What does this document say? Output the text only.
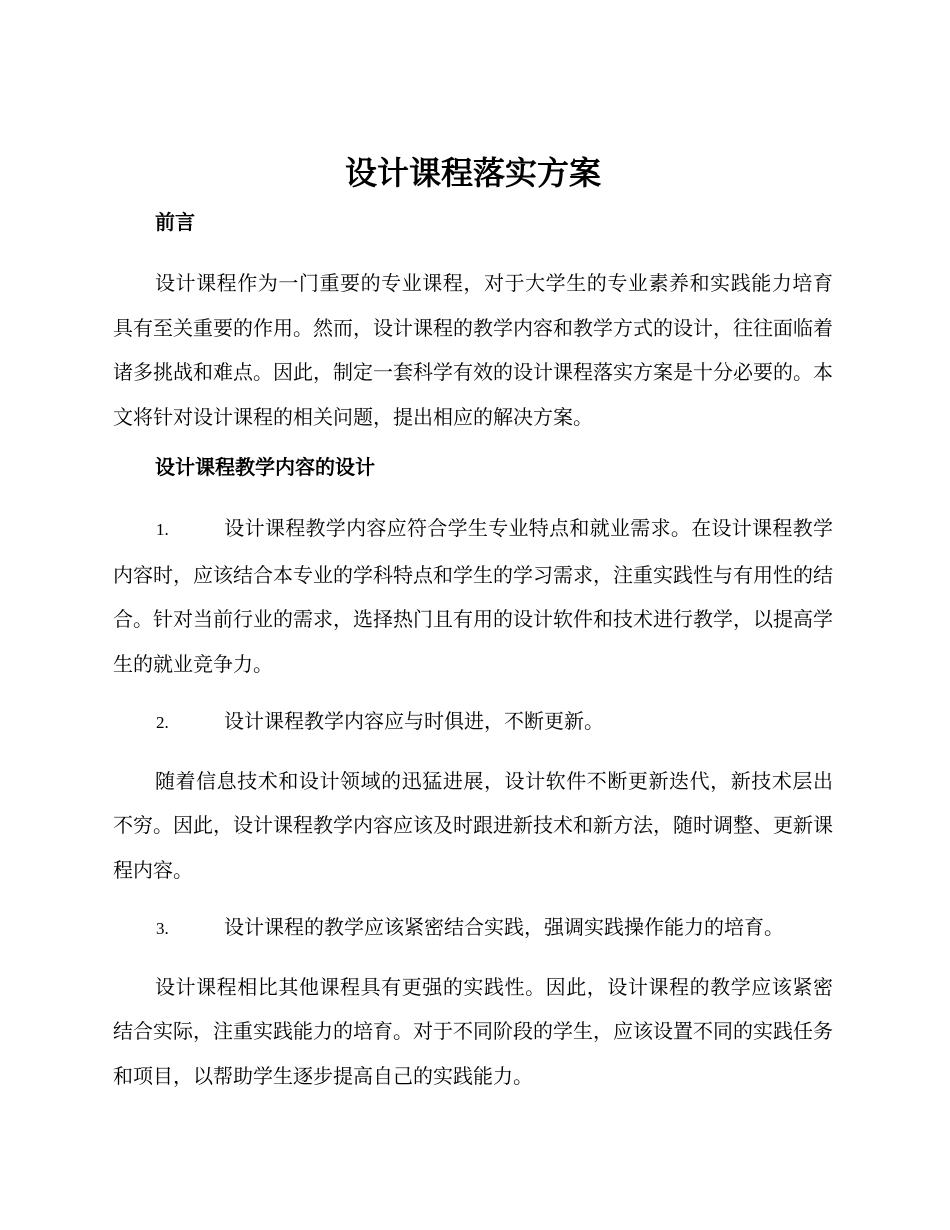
设计课程落实方案
前言

设计课程作为一门重要的专业课程，对于大学生的专业素养和实践能力培育具有至关重要的作用。然而，设计课程的教学内容和教学方式的设计，往往面临着诸多挑战和难点。因此，制定一套科学有效的设计课程落实方案是十分必要的。本文将针对设计课程的相关问题，提出相应的解决方案。

设计课程教学内容的设计

1.	设计课程教学内容应符合学生专业特点和就业需求。在设计课程教学内容时，应该结合本专业的学科特点和学生的学习需求，注重实践性与有用性的结合。针对当前行业的需求，选择热门且有用的设计软件和技术进行教学，以提高学生的就业竞争力。

2.	设计课程教学内容应与时俱进，不断更新。

随着信息技术和设计领域的迅猛进展，设计软件不断更新迭代，新技术层出不穷。因此，设计课程教学内容应该及时跟进新技术和新方法，随时调整、更新课程内容。

3.	设计课程的教学应该紧密结合实践，强调实践操作能力的培育。

设计课程相比其他课程具有更强的实践性。因此，设计课程的教学应该紧密结合实际，注重实践能力的培育。对于不同阶段的学生，应该设置不同的实践任务和项目，以帮助学生逐步提高自己的实践能力。
